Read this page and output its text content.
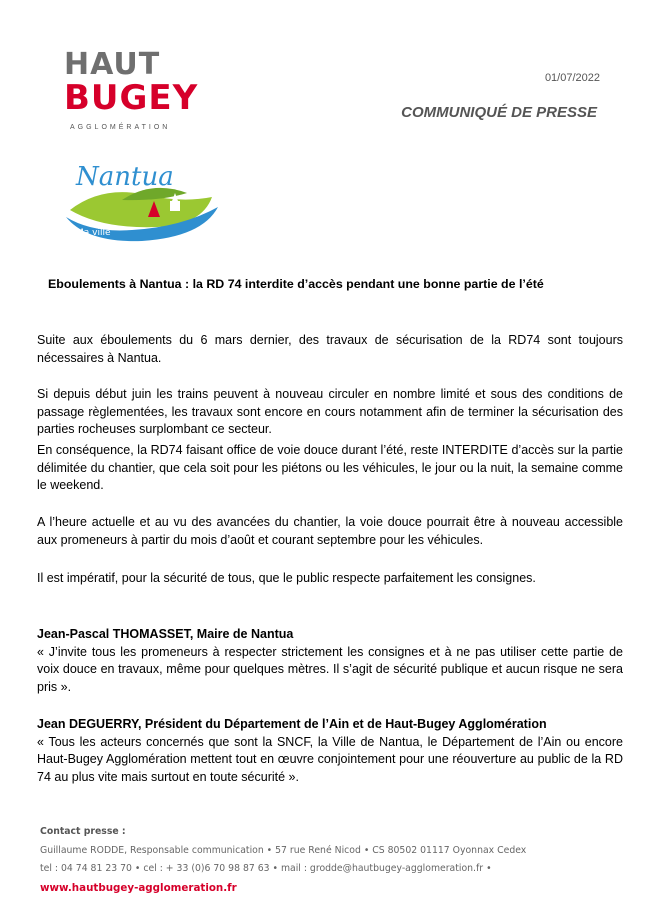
HAUT
BUGEY
AGGLOMÉRATION
01/07/2022
COMMUNIQUÉ DE PRESSE
Nantua
Ma ville
Eboulements à Nantua : la RD 74 interdite d’accès pendant une bonne partie de l’été
Suite aux éboulements du 6 mars dernier, des travaux de sécurisation de la RD74 sont toujours nécessaires à Nantua.
Si depuis début juin les trains peuvent à nouveau circuler en nombre limité et sous des conditions de passage règlementées, les travaux sont encore en cours notamment afin de terminer la sécurisation des parties rocheuses surplombant ce secteur.
En conséquence, la RD74 faisant office de voie douce durant l’été, reste INTERDITE d’accès sur la partie délimitée du chantier, que cela soit pour les piétons ou les véhicules, le jour ou la nuit, la semaine comme le weekend.
A l’heure actuelle et au vu des avancées du chantier, la voie douce pourrait être à nouveau accessible aux promeneurs à partir du mois d’août et courant septembre pour les véhicules.
Il est impératif, pour la sécurité de tous, que le public respecte parfaitement les consignes.
Jean-Pascal THOMASSET, Maire de Nantua
« J’invite tous les promeneurs à respecter strictement les consignes et à ne pas utiliser cette partie de voix douce en travaux, même pour quelques mètres. Il s’agit de sécurité publique et aucun risque ne sera pris ».
Jean DEGUERRY, Président du Département de l’Ain et de Haut-Bugey Agglomération
« Tous les acteurs concernés que sont la SNCF, la Ville de Nantua, le Département de l’Ain ou encore Haut-Bugey Agglomération mettent tout en œuvre conjointement pour une réouverture au public de la RD 74 au plus vite mais surtout en toute sécurité ».
Contact presse :
Guillaume RODDE, Responsable communication • 57 rue René Nicod • CS 80502 01117 Oyonnax Cedex
tel : 04 74 81 23 70 • cel : + 33 (0)6 70 98 87 63 • mail : grodde@hautbugey-agglomeration.fr •
www.hautbugey-agglomeration.fr
